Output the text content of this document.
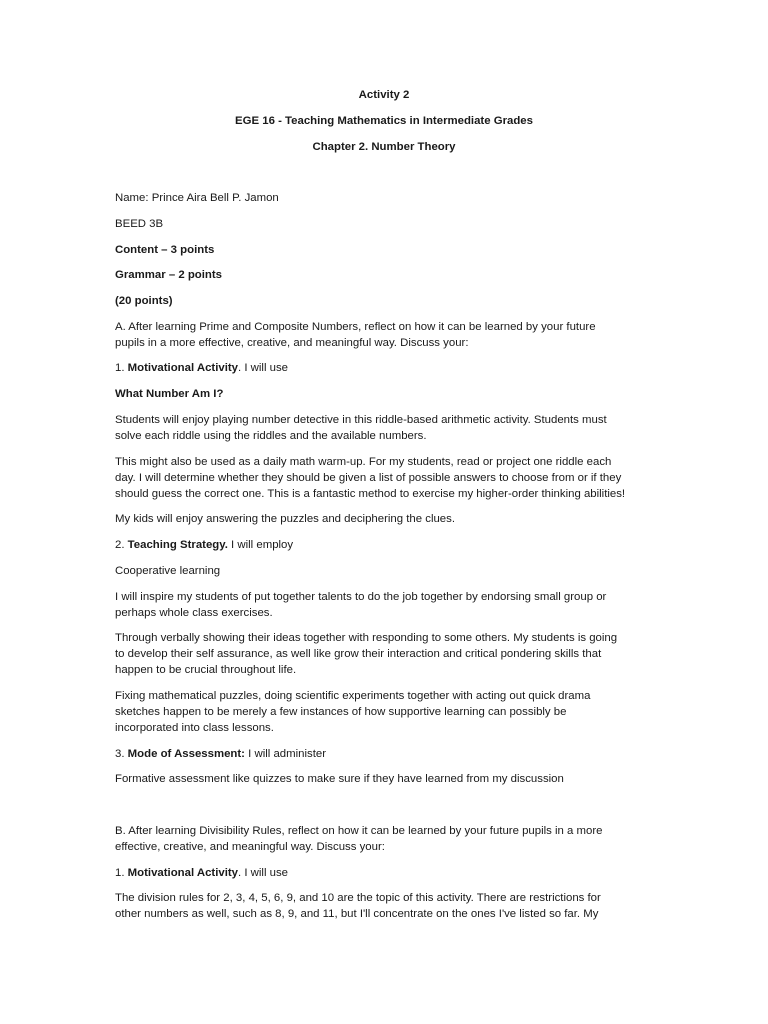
Activity 2
EGE 16 - Teaching Mathematics in Intermediate Grades
Chapter 2. Number Theory

Name: Prince Aira Bell P. Jamon

BEED 3B

Content – 3 points

Grammar – 2 points

(20 points)

A. After learning Prime and Composite Numbers, reflect on how it can be learned by your future

pupils in a more effective, creative, and meaningful way. Discuss your:

1. Motivational Activity. I will use

What Number Am I?

Students will enjoy playing number detective in this riddle-based arithmetic activity. Students must

solve each riddle using the riddles and the available numbers.

This might also be used as a daily math warm-up. For my students, read or project one riddle each

day. I will determine whether they should be given a list of possible answers to choose from or if they

should guess the correct one. This is a fantastic method to exercise my higher-order thinking abilities!

My kids will enjoy answering the puzzles and deciphering the clues.

2. Teaching Strategy. I will employ

Cooperative learning

I will inspire my students of put together talents to do the job together by endorsing small group or

perhaps whole class exercises.

Through verbally showing their ideas together with responding to some others. My students is going

to develop their self assurance, as well like grow their interaction and critical pondering skills that

happen to be crucial throughout life.

Fixing mathematical puzzles, doing scientific experiments together with acting out quick drama

sketches happen to be merely a few instances of how supportive learning can possibly be

incorporated into class lessons.

3. Mode of Assessment: I will administer

Formative assessment like quizzes to make sure if they have learned from my discussion

B. After learning Divisibility Rules, reflect on how it can be learned by your future pupils in a more

effective, creative, and meaningful way. Discuss your:

1. Motivational Activity. I will use

The division rules for 2, 3, 4, 5, 6, 9, and 10 are the topic of this activity. There are restrictions for

other numbers as well, such as 8, 9, and 11, but I'll concentrate on the ones I've listed so far. My
